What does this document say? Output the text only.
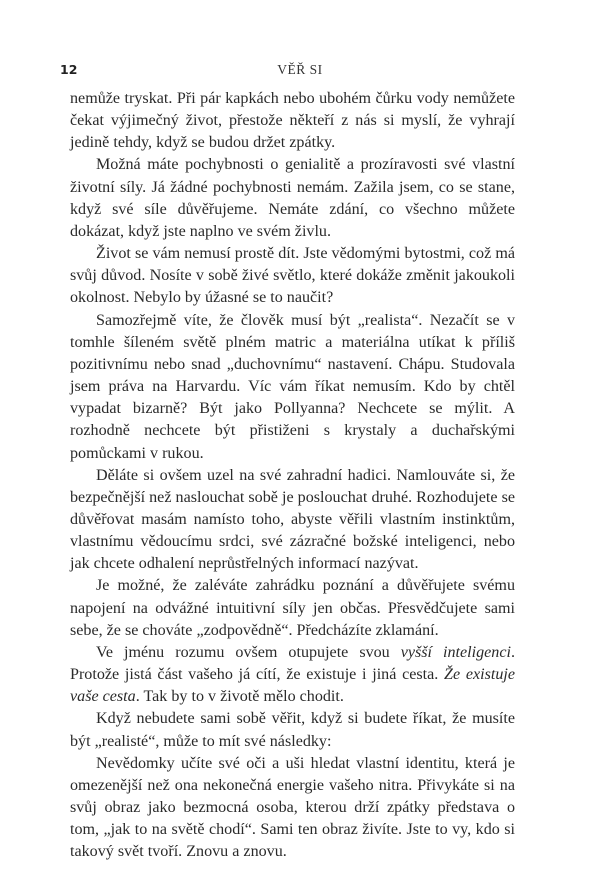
12	VĚŘ SI

nemůže tryskat. Při pár kapkách nebo ubohém čůrku vody nemůžete čekat výjimečný život, přestože někteří z nás si myslí, že vyhrají jedině tehdy, když se budou držet zpátky.

Možná máte pochybnosti o genialitě a prozíravosti své vlastní životní síly. Já žádné pochybnosti nemám. Zažila jsem, co se stane, když své síle důvěřujeme. Nemáte zdání, co všechno můžete dokázat, když jste naplno ve svém živlu.

Život se vám nemusí prostě dít. Jste vědomými bytostmi, což má svůj důvod. Nosíte v sobě živé světlo, které dokáže změnit jakoukoli okolnost. Nebylo by úžasné se to naučit?

Samozřejmě víte, že člověk musí být „realista“. Nezačít se v tomhle šíleném světě plném matric a materiálna utíkat k příliš pozitivnímu nebo snad „duchovnímu“ nastavení. Chápu. Studovala jsem práva na Harvardu. Víc vám říkat nemusím. Kdo by chtěl vypadat bizarně? Být jako Pollyanna? Nechcete se mýlit. A rozhodně nechcete být přistiženi s krystaly a duchařskými pomůckami v rukou.

Děláte si ovšem uzel na své zahradní hadici. Namlouváte si, že bezpečnější než naslouchat sobě je poslouchat druhé. Rozhodujete se důvěřovat masám namísto toho, abyste věřili vlastním instinktům, vlastnímu vědoucímu srdci, své zázračné božské inteligenci, nebo jak chcete odhalení neprůstřelných informací nazývat.

Je možné, že zaléváte zahrádku poznání a důvěřujete svému napojení na odvážné intuitivní síly jen občas. Přesvědčujete sami sebe, že se chováte „zodpovědně“. Předcházíte zklamání.

Ve jménu rozumu ovšem otupujete svou vyšší inteligenci. Protože jistá část vašeho já cítí, že existuje i jiná cesta. Že existuje vaše cesta. Tak by to v životě mělo chodit.

Když nebudete sami sobě věřit, když si budete říkat, že musíte být „realisté“, může to mít své následky:

Nevědomky učíte své oči a uši hledat vlastní identitu, která je omezenější než ona nekonečná energie vašeho nitra. Přivykáte si na svůj obraz jako bezmocná osoba, kterou drží zpátky představa o tom, „jak to na světě chodí“. Sami ten obraz živíte. Jste to vy, kdo si takový svět tvoří. Znovu a znovu.
